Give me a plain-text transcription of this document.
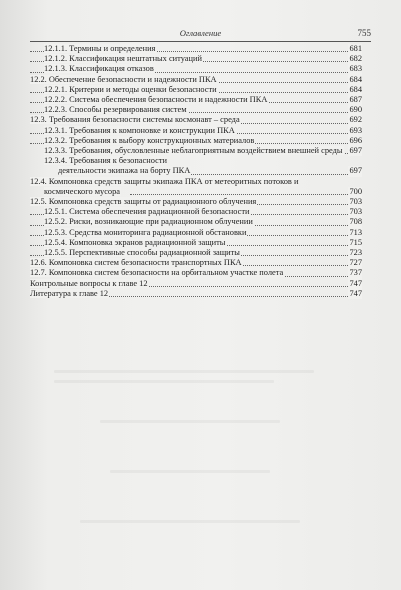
Оглавление	755
12.1.1. Термины и определения	681
12.1.2. Классификация нештатных ситуаций	682
12.1.3. Классификация отказов	683
12.2. Обеспечение безопасности и надежности ПКА	684
12.2.1. Критерии и методы оценки безопасности	684
12.2.2. Система обеспечения безопасности и надежности ПКА	687
12.2.3. Способы резервирования систем	690
12.3. Требования безопасности системы космонавт – среда	692
12.3.1. Требования к компоновке и конструкции ПКА	693
12.3.2. Требования к выбору конструкционных материалов	696
12.3.3. Требования, обусловленные неблагоприятным воздействием внешней среды 697
12.3.4. Требования к безопасности деятельности экипажа на борту ПКА	697
12.4. Компоновка средств защиты экипажа ПКА от метеоритных потоков и космического мусора	700
12.5. Компоновка средств защиты от радиационного облучения	703
12.5.1. Система обеспечения радиационной безопасности	703
12.5.2. Риски, возникающие при радиационном облучении	708
12.5.3. Средства мониторинга радиационной обстановки	713
12.5.4. Компоновка экранов радиационной защиты	715
12.5.5. Перспективные способы радиационной защиты	723
12.6. Компоновка систем безопасности транспортных ПКА	727
12.7. Компоновка систем безопасности на орбитальном участке полета	737
Контрольные вопросы к главе 12	747
Литература к главе 12	747
